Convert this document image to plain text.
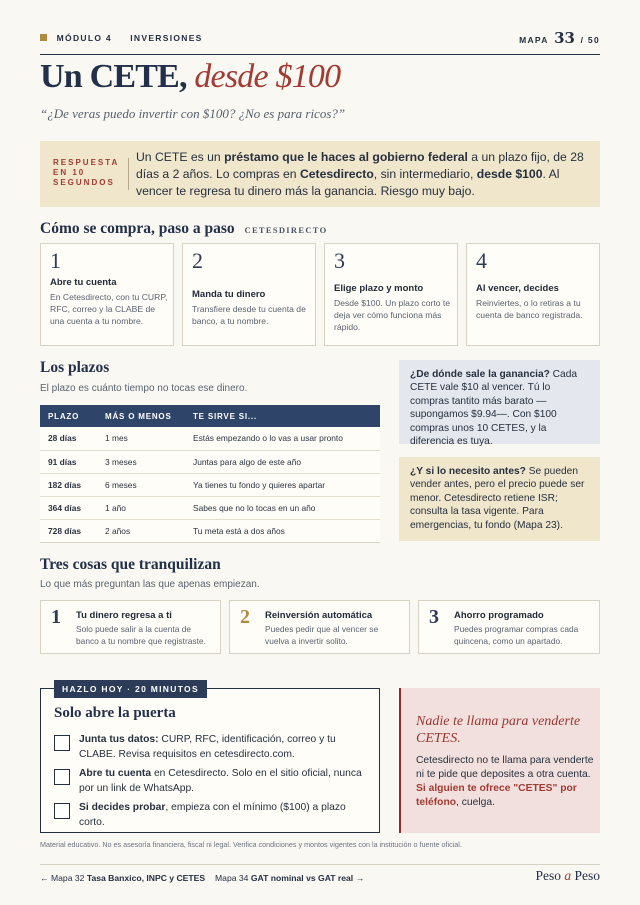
MÓDULO 4 INVERSIONES	MAPA 33 / 50
Un CETE, desde $100
“¿De veras puedo invertir con $100? ¿No es para ricos?”
RESPUESTA EN 10 SEGUNDOS
Un CETE es un préstamo que le haces al gobierno federal a un plazo fijo, de 28 días a 2 años. Lo compras en Cetesdirecto, sin intermediario, desde $100. Al vencer te regresa tu dinero más la ganancia. Riesgo muy bajo.
Cómo se compra, paso a paso CETESDIRECTO
1
Abre tu cuenta
En Cetesdirecto, con tu CURP, RFC, correo y la CLABE de una cuenta a tu nombre.
2
Manda tu dinero
Transfiere desde tu cuenta de banco, a tu nombre.
3
Elige plazo y monto
Desde $100. Un plazo corto te deja ver cómo funciona más rápido.
4
Al vencer, decides
Reinviertes, o lo retiras a tu cuenta de banco registrada.
Los plazos
El plazo es cuánto tiempo no tocas ese dinero.
PLAZO	MÁS O MENOS	TE SIRVE SI...
28 días	1 mes	Estás empezando o lo vas a usar pronto
91 días	3 meses	Juntas para algo de este año
182 días	6 meses	Ya tienes tu fondo y quieres apartar
364 días	1 año	Sabes que no lo tocas en un año
728 días	2 años	Tu meta está a dos años
¿De dónde sale la ganancia? Cada CETE vale $10 al vencer. Tú lo compras tantito más barato —supongamos $9.94—. Con $100 compras unos 10 CETES, y la diferencia es tuya.
¿Y si lo necesito antes? Se pueden vender antes, pero el precio puede ser menor. Cetesdirecto retiene ISR; consulta la tasa vigente. Para emergencias, tu fondo (Mapa 23).
Tres cosas que tranquilizan
Lo que más preguntan las que apenas empiezan.
1 Tu dinero regresa a ti
Solo puede salir a la cuenta de
banco a tu nombre que registraste.
2 Reinversión automática
Puedes pedir que al vencer se
vuelva a invertir solito.
3 Ahorro programado
Puedes programar compras cada
quincena, como un apartado.
HAZLO HOY · 20 MINUTOS
Solo abre la puerta
Junta tus datos: CURP, RFC, identificación, correo y tu CLABE. Revisa requisitos en cetesdirecto.com.
Abre tu cuenta en Cetesdirecto. Solo en el sitio oficial, nunca por un link de WhatsApp.
Si decides probar, empieza con el mínimo ($100) a plazo corto.
Nadie te llama para venderte CETES.
Cetesdirecto no te llama para venderte ni te pide que deposites a otra cuenta. Si alguien te ofrece "CETES" por teléfono, cuelga.
Material educativo. No es asesoría financiera, fiscal ni legal. Verifica condiciones y montos vigentes con la institución o fuente oficial.
← Mapa 32 Tasa Banxico, INPC y CETES Mapa 34 GAT nominal vs GAT real →	Peso a Peso
